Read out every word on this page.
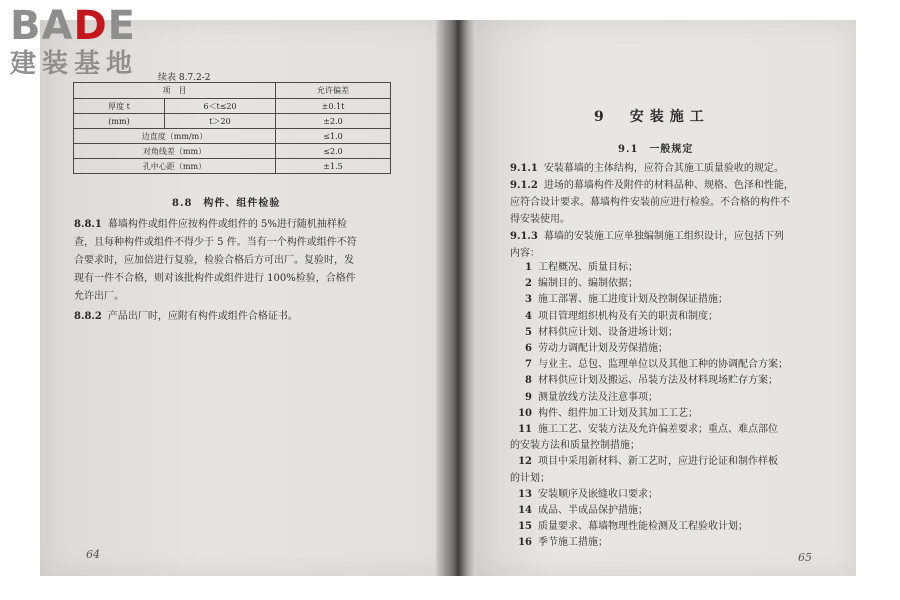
BADE
建装基地	续表 8.7.2-2
项　目		允许偏差
厚度 t	6＜t≤20	±0.1t
(mm)	t＞20	±2.0
边直度（mm/m）		≤1.0
对角线差（mm）		≤2.0
孔中心距（mm）		±1.5
8.8　构件、组件检验
8.8.1 幕墙构件或组件应按构件或组件的 5%进行随机抽样检
查，且每种构件或组件不得少于 5 件。当有一个构件或组件不符
合要求时，应加倍进行复验，检验合格后方可出厂。复验时，发
现有一件不合格，则对该批构件或组件进行 100%检验，合格件
允许出厂。
8.8.2 产品出厂时，应附有构件或组件合格证书。
64
9　安装施工
9.1　一般规定
9.1.1 安装幕墙的主体结构，应符合其施工质量验收的规定。
9.1.2 进场的幕墙构件及附件的材料品种、规格、色泽和性能，
应符合设计要求。幕墙构件安装前应进行检验。不合格的构件不
得安装使用。
9.1.3 幕墙的安装施工应单独编制施工组织设计，应包括下列
内容：
1 工程概况、质量目标；
2 编制目的、编制依据；
3 施工部署、施工进度计划及控制保证措施；
4 项目管理组织机构及有关的职责和制度；
5 材料供应计划、设备进场计划；
6 劳动力调配计划及劳保措施；
7 与业主、总包、监理单位以及其他工种的协调配合方案；
8 材料供应计划及搬运、吊装方法及材料现场贮存方案；
9 测量放线方法及注意事项；
10 构件、组件加工计划及其加工工艺；
11 施工工艺、安装方法及允许偏差要求；重点、难点部位
的安装方法和质量控制措施；
12 项目中采用新材料、新工艺时，应进行论证和制作样板
的计划；
13 安装顺序及嵌缝收口要求；
14 成品、半成品保护措施；
15 质量要求、幕墙物理性能检测及工程验收计划；
16 季节施工措施；
65
